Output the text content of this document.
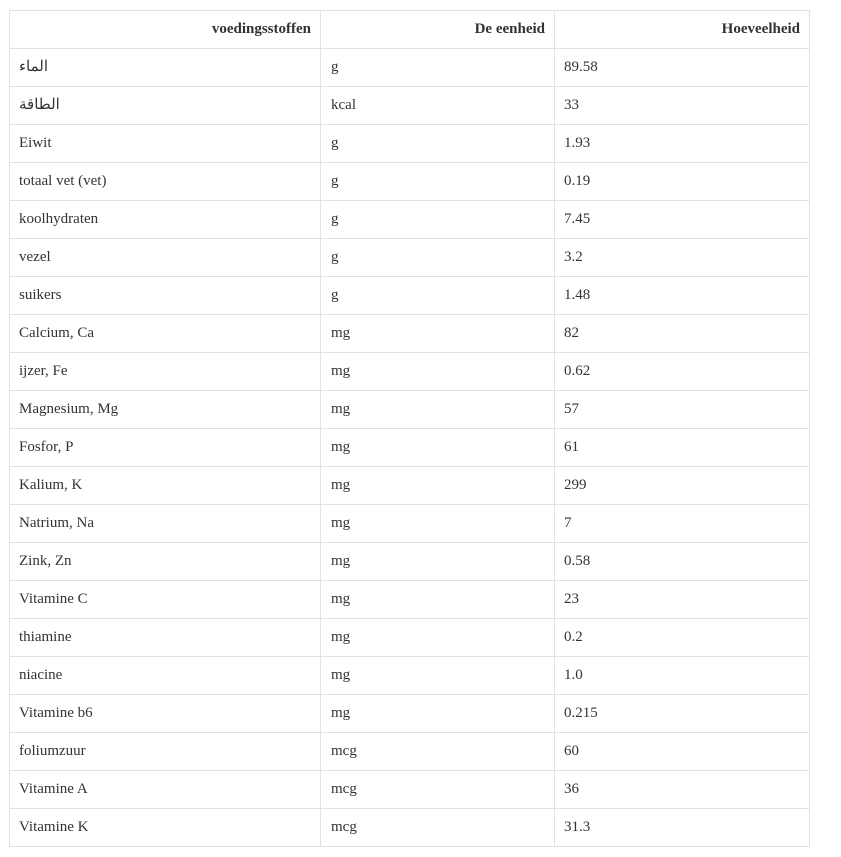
voedingsstoffen	De eenheid	Hoeveelheid
الماء	g	89.58
الطاقة	kcal	33
Eiwit	g	1.93
totaal vet (vet)	g	0.19
koolhydraten	g	7.45
vezel	g	3.2
suikers	g	1.48
Calcium, Ca	mg	82
ijzer, Fe	mg	0.62
Magnesium, Mg	mg	57
Fosfor, P	mg	61
Kalium, K	mg	299
Natrium, Na	mg	7
Zink, Zn	mg	0.58
Vitamine C	mg	23
thiamine	mg	0.2
niacine	mg	1.0
Vitamine b6	mg	0.215
foliumzuur	mcg	60
Vitamine A	mcg	36
Vitamine K	mcg	31.3
